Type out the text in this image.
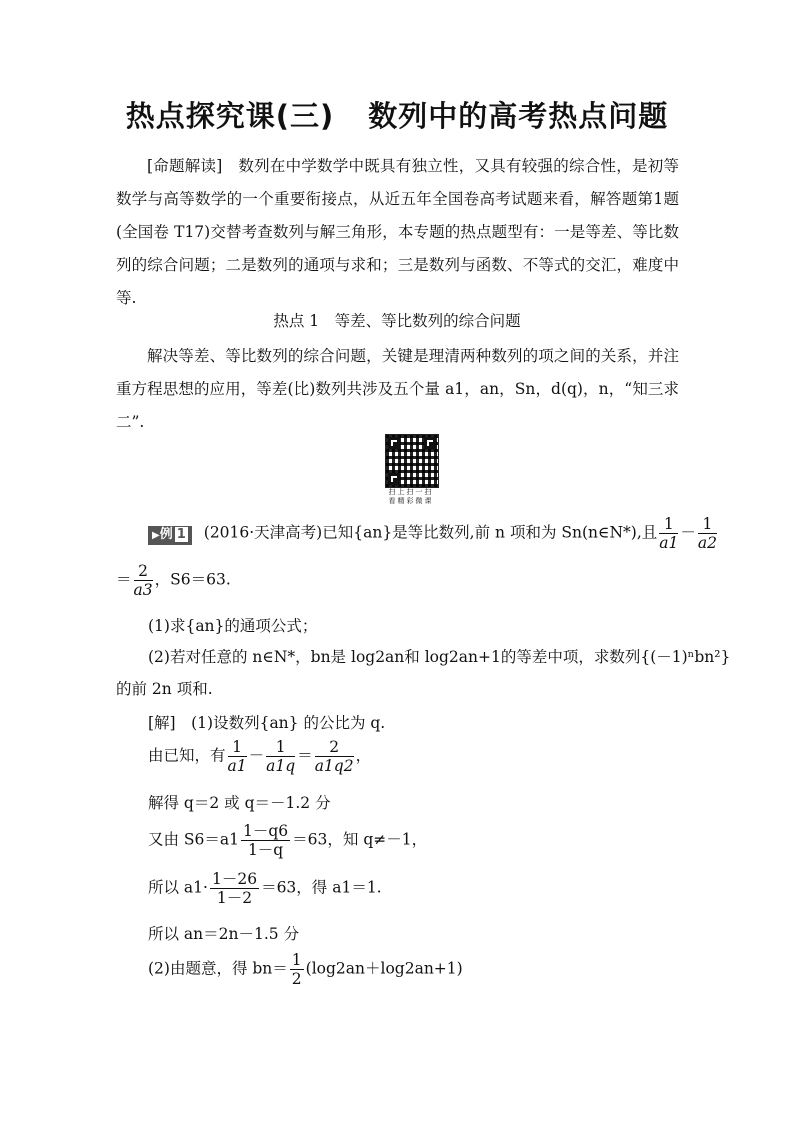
热点探究课(三) 数列中的高考热点问题
[命题解读]　 数列在中学数学中既具有独立性，又具有较强的综合性，是初等数学与高等数学的一个重要衔接点，从近五年全国卷高考试题来看，解答题第1题(全国卷 T17)交替考查数列与解三角形，本专题的热点题型有：一是等差、等比数列的综合问题；二是数列的通项与求和；三是数列与函数、不等式的交汇，难度中等.
热点 1　等差、等比数列的综合问题
解决等差、等比数列的综合问题，关键是理清两种数列的项之间的关系，并注重方程思想的应用，等差(比)数列共涉及五个量 a1，an，Sn，d(q)，n，“知三求二”.
扫上扫一扫
看精彩微课
▶例 1 (2016·天津高考)已知{an}是等比数列,前 n 项和为 Sn(n∈N*),且 $\frac{1}{a1} - \frac{1}{a2}$
＝ $\frac{2}{a3}$ ，S6＝63.
(1)求{an}的通项公式；
(2)若对任意的 n∈N*，bn是 log2an和 log2an+1的等差中项，求数列{(－1)ⁿbn²}
的前 2n 项和.
[解]　 (1)设数列{an} 的公比为 q.
由已知，有 $\frac{1}{a1} - \frac{1}{a1q} = \frac{2}{a1q2}$ ，
解得 q＝2 或 q＝－1.2 分
又由 $S6=a1 \frac{1-q6}{1-q} =63$，知 q≠－1，
所以 $a1\cdot \frac{1-26}{1-2} =63$，得 a1＝1.
所以 an＝2n－1.5 分
(2)由题意，得 $bn= \frac{1}{2} (\log 2an+\log 2an+1)$
